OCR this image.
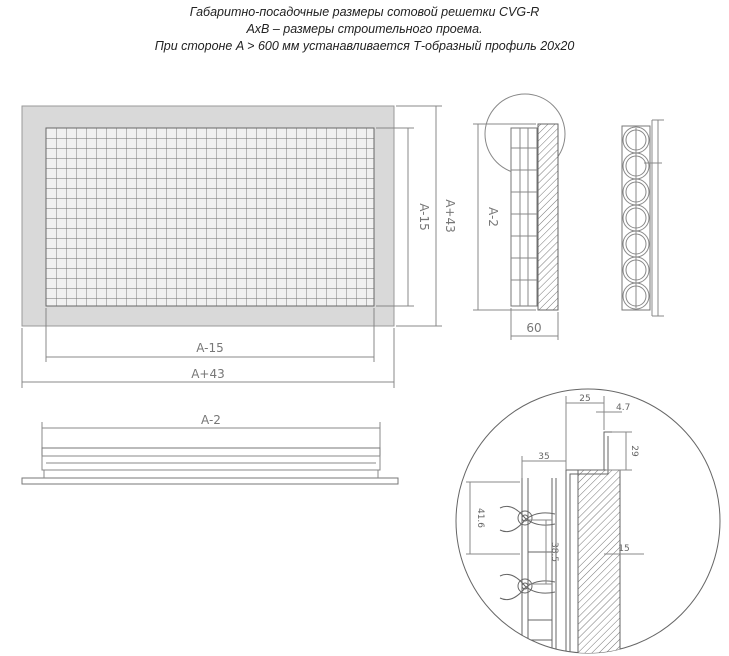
Габаритно-посадочные размеры сотовой решетки CVG-R
AxB – размеры строительного проема.
При стороне A > 600 мм устанавливается Т-образный профиль 20x20
A-15 A+43
A-15
A+43
A-2
60
A-2
25
4.7
29
35
41.6
38.5	15
